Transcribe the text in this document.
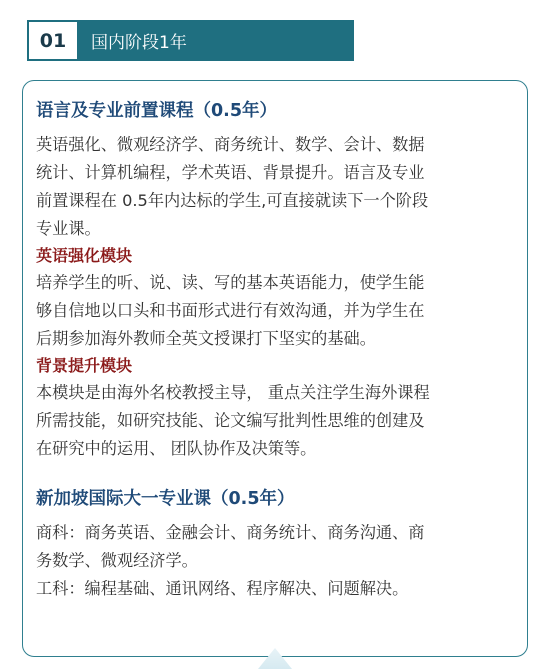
01	国内阶段1年
语言及专业前置课程（0.5年）

英语强化、微观经济学、商务统计、数学、会计、数据

统计、计算机编程，学术英语、背景提升。语言及专业

前置课程在 0.5年内达标的学生,可直接就读下一个阶段

专业课。

英语强化模块

培养学生的听、说、读、写的基本英语能力，使学生能

够自信地以口头和书面形式进行有效沟通，并为学生在

后期参加海外教师全英文授课打下坚实的基础。

背景提升模块

本模块是由海外名校教授主导， 重点关注学生海外课程

所需技能，如研究技能、论文编写批判性思维的创建及

在研究中的运用、 团队协作及决策等。

新加坡国际大一专业课（0.5年）

商科：商务英语、金融会计、商务统计、商务沟通、商

务数学、微观经济学。

工科：编程基础、通讯网络、程序解决、问题解决。
